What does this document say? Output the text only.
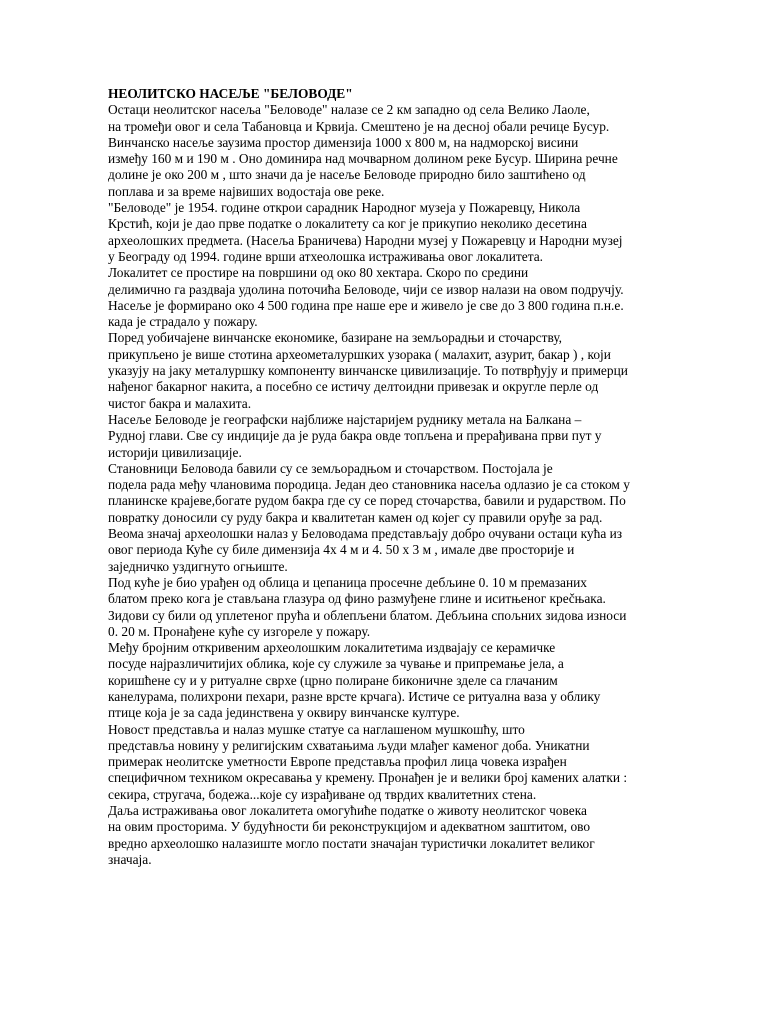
НЕОЛИТСКО НАСЕЉЕ "БЕЛОВОДЕ"
Остаци неолитског насеља "Беловоде" налазе се 2 км западно од села Велико Лаоле,
на тромеђи овог и села Табановца и Крвија. Смештено је на десној обали речице Бусур.
Винчанско насеље заузима простор димензија 1000 х 800 м, на надморској висини
између 160 м и 190 м . Оно доминира над мочварном долином реке Бусур. Ширина речне
долине је око 200 м , што значи да је насеље Беловоде природно било заштићено од
поплава и за време највиших водостаја ове реке.
"Беловоде" је 1954. године открои сарадник Народног музеја у Пожаревцу, Никола
Крстић, који је дао прве податке о локалитету са ког је прикупио неколико десетина
археолошких предмета. (Насеља Браничева) Народни музеј у Пожаревцу и Народни музеј
у Београду од 1994. године врши атхеолошка истраживања овог локалитета.
Локалитет се простире на површини од око 80 хектара. Скоро по средини
делимично га раздваја удолина поточића Беловоде, чији се извор налази на овом подручју.
Насеље је формирано око 4 500 година пре наше ере и живело је све до 3 800 година п.н.е.
када је страдало у пожару.
Поред уобичајене винчанске економике, базиране на земљорадњи и сточарству,
прикупљено је више стотина археометалуршких узорака ( малахит, азурит, бакар ) , који
указују на јаку металуршку компоненту винчанске цивилизације. То потврђују и примерци
нађеног бакарног накита, а посебно се истичу делтоидни привезак и округле перле од
чистог бакра и малахита.
Насеље Беловоде је географски најближе најстаријем руднику метала на Балкана –
Рудној глави. Све су индиције да је руда бакра овде топљена и прерађивана први пут у
историји цивилизације.
Становници Беловода бавили су се земљорадњом и сточарством. Постојала је
подела рада међу члановима породица. Један део становника насеља одлазио је са стоком у
планинске крајеве,богате рудом бакра где су се поред сточарства, бавили и рударством. По
повратку доносили су руду бакра и квалитетан камен од којег су правили оруђе за рад.
Веома значај археолошки налаз у Беловодама представљају добро очувани остаци кућа из
овог периода Куће су биле димензија 4х 4 м и 4. 50 х 3 м , имале две просторије и
заједничко уздигнуто огњиште.
Под куће је био урађен од облица и цепаница просечне дебљине 0. 10 м премазаних
блатом преко кога је стављана глазура од фино размуђене глине и иситњеног крečњака.
Зидови су били од уплетеног прућа и облепљени блатом. Дебљина спољних зидова износи
0. 20 м. Пронађене куће су изгореле у пожару.
Међу бројним откривеним археолошким локалитетима издвајају се керамичке
посуде најразличитијих облика, које су служиле за чување и припремање јела, а
коришћене су и у ритуалне сврхе (црно полиране биконичне зделе са глачаним
канелурама, полихрони пехари, разне врсте крчага). Истиче се ритуална ваза у облику
птице која је за сада јединствена у оквиру винчанске културе.
Новост представља и налаз мушке статуе са наглашеном мушкошћу, што
представља новину у религијским схватањима људи млађег каменог доба. Уникатни
примерак неолитске уметности Европе представља профил лица човека израђен
специфичном техником окресавања у кремену. Пронађен је и велики број камених алатки :
секира, стругача, бодежа...које су израђиване од тврдих квалитетних стена.
Даља истраживања овог локалитета омогућиће податке о животу неолитског човека
на овим просторима. У будућности би реконструкцијом и адекватном заштитом, ово
вредно археолошко налазиште могло постати значајан туристички локалитет великог
значаја.
